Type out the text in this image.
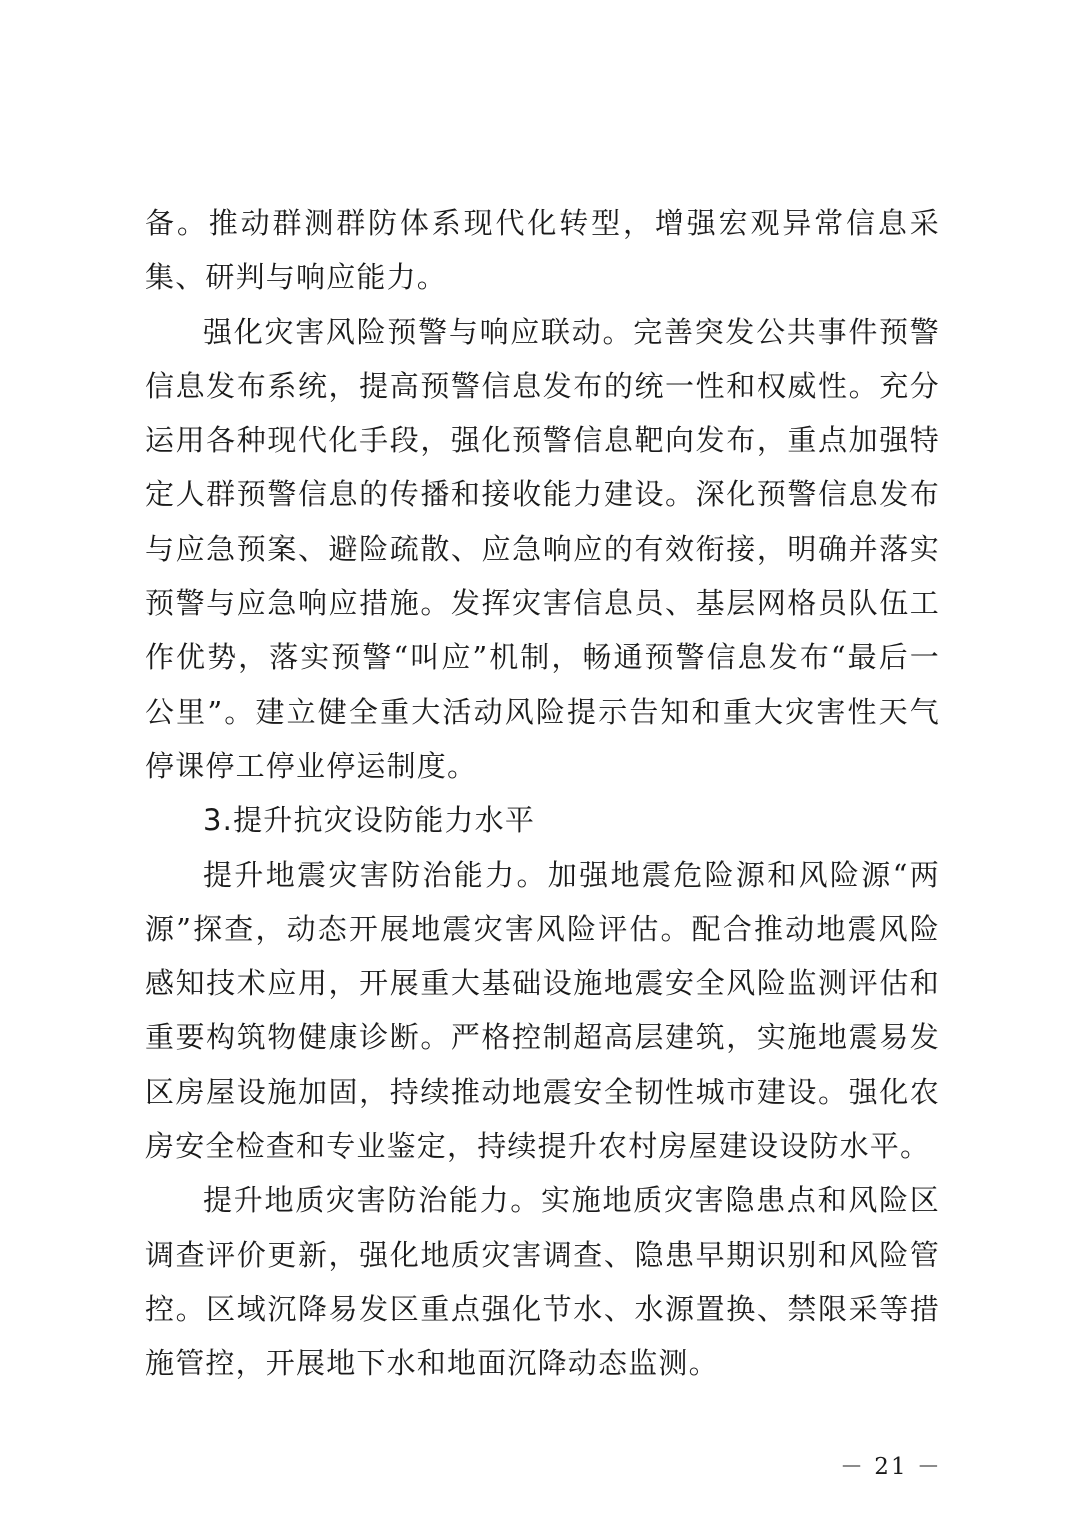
备。推动群测群防体系现代化转型，增强宏观异常信息采集、研判与响应能力。

强化灾害风险预警与响应联动。完善突发公共事件预警信息发布系统，提高预警信息发布的统一性和权威性。充分运用各种现代化手段，强化预警信息靶向发布，重点加强特定人群预警信息的传播和接收能力建设。深化预警信息发布与应急预案、避险疏散、应急响应的有效衔接，明确并落实预警与应急响应措施。发挥灾害信息员、基层网格员队伍工作优势，落实预警“叫应”机制，畅通预警信息发布“最后一公里”。建立健全重大活动风险提示告知和重大灾害性天气停课停工停业停运制度。

3.提升抗灾设防能力水平

提升地震灾害防治能力。加强地震危险源和风险源“两源”探查，动态开展地震灾害风险评估。配合推动地震风险感知技术应用，开展重大基础设施地震安全风险监测评估和重要构筑物健康诊断。严格控制超高层建筑，实施地震易发区房屋设施加固，持续推动地震安全韧性城市建设。强化农房安全检查和专业鉴定，持续提升农村房屋建设设防水平。

提升地质灾害防治能力。实施地质灾害隐患点和风险区调查评价更新，强化地质灾害调查、隐患早期识别和风险管控。区域沉降易发区重点强化节水、水源置换、禁限采等措施管控，开展地下水和地面沉降动态监测。

－ 21 －
